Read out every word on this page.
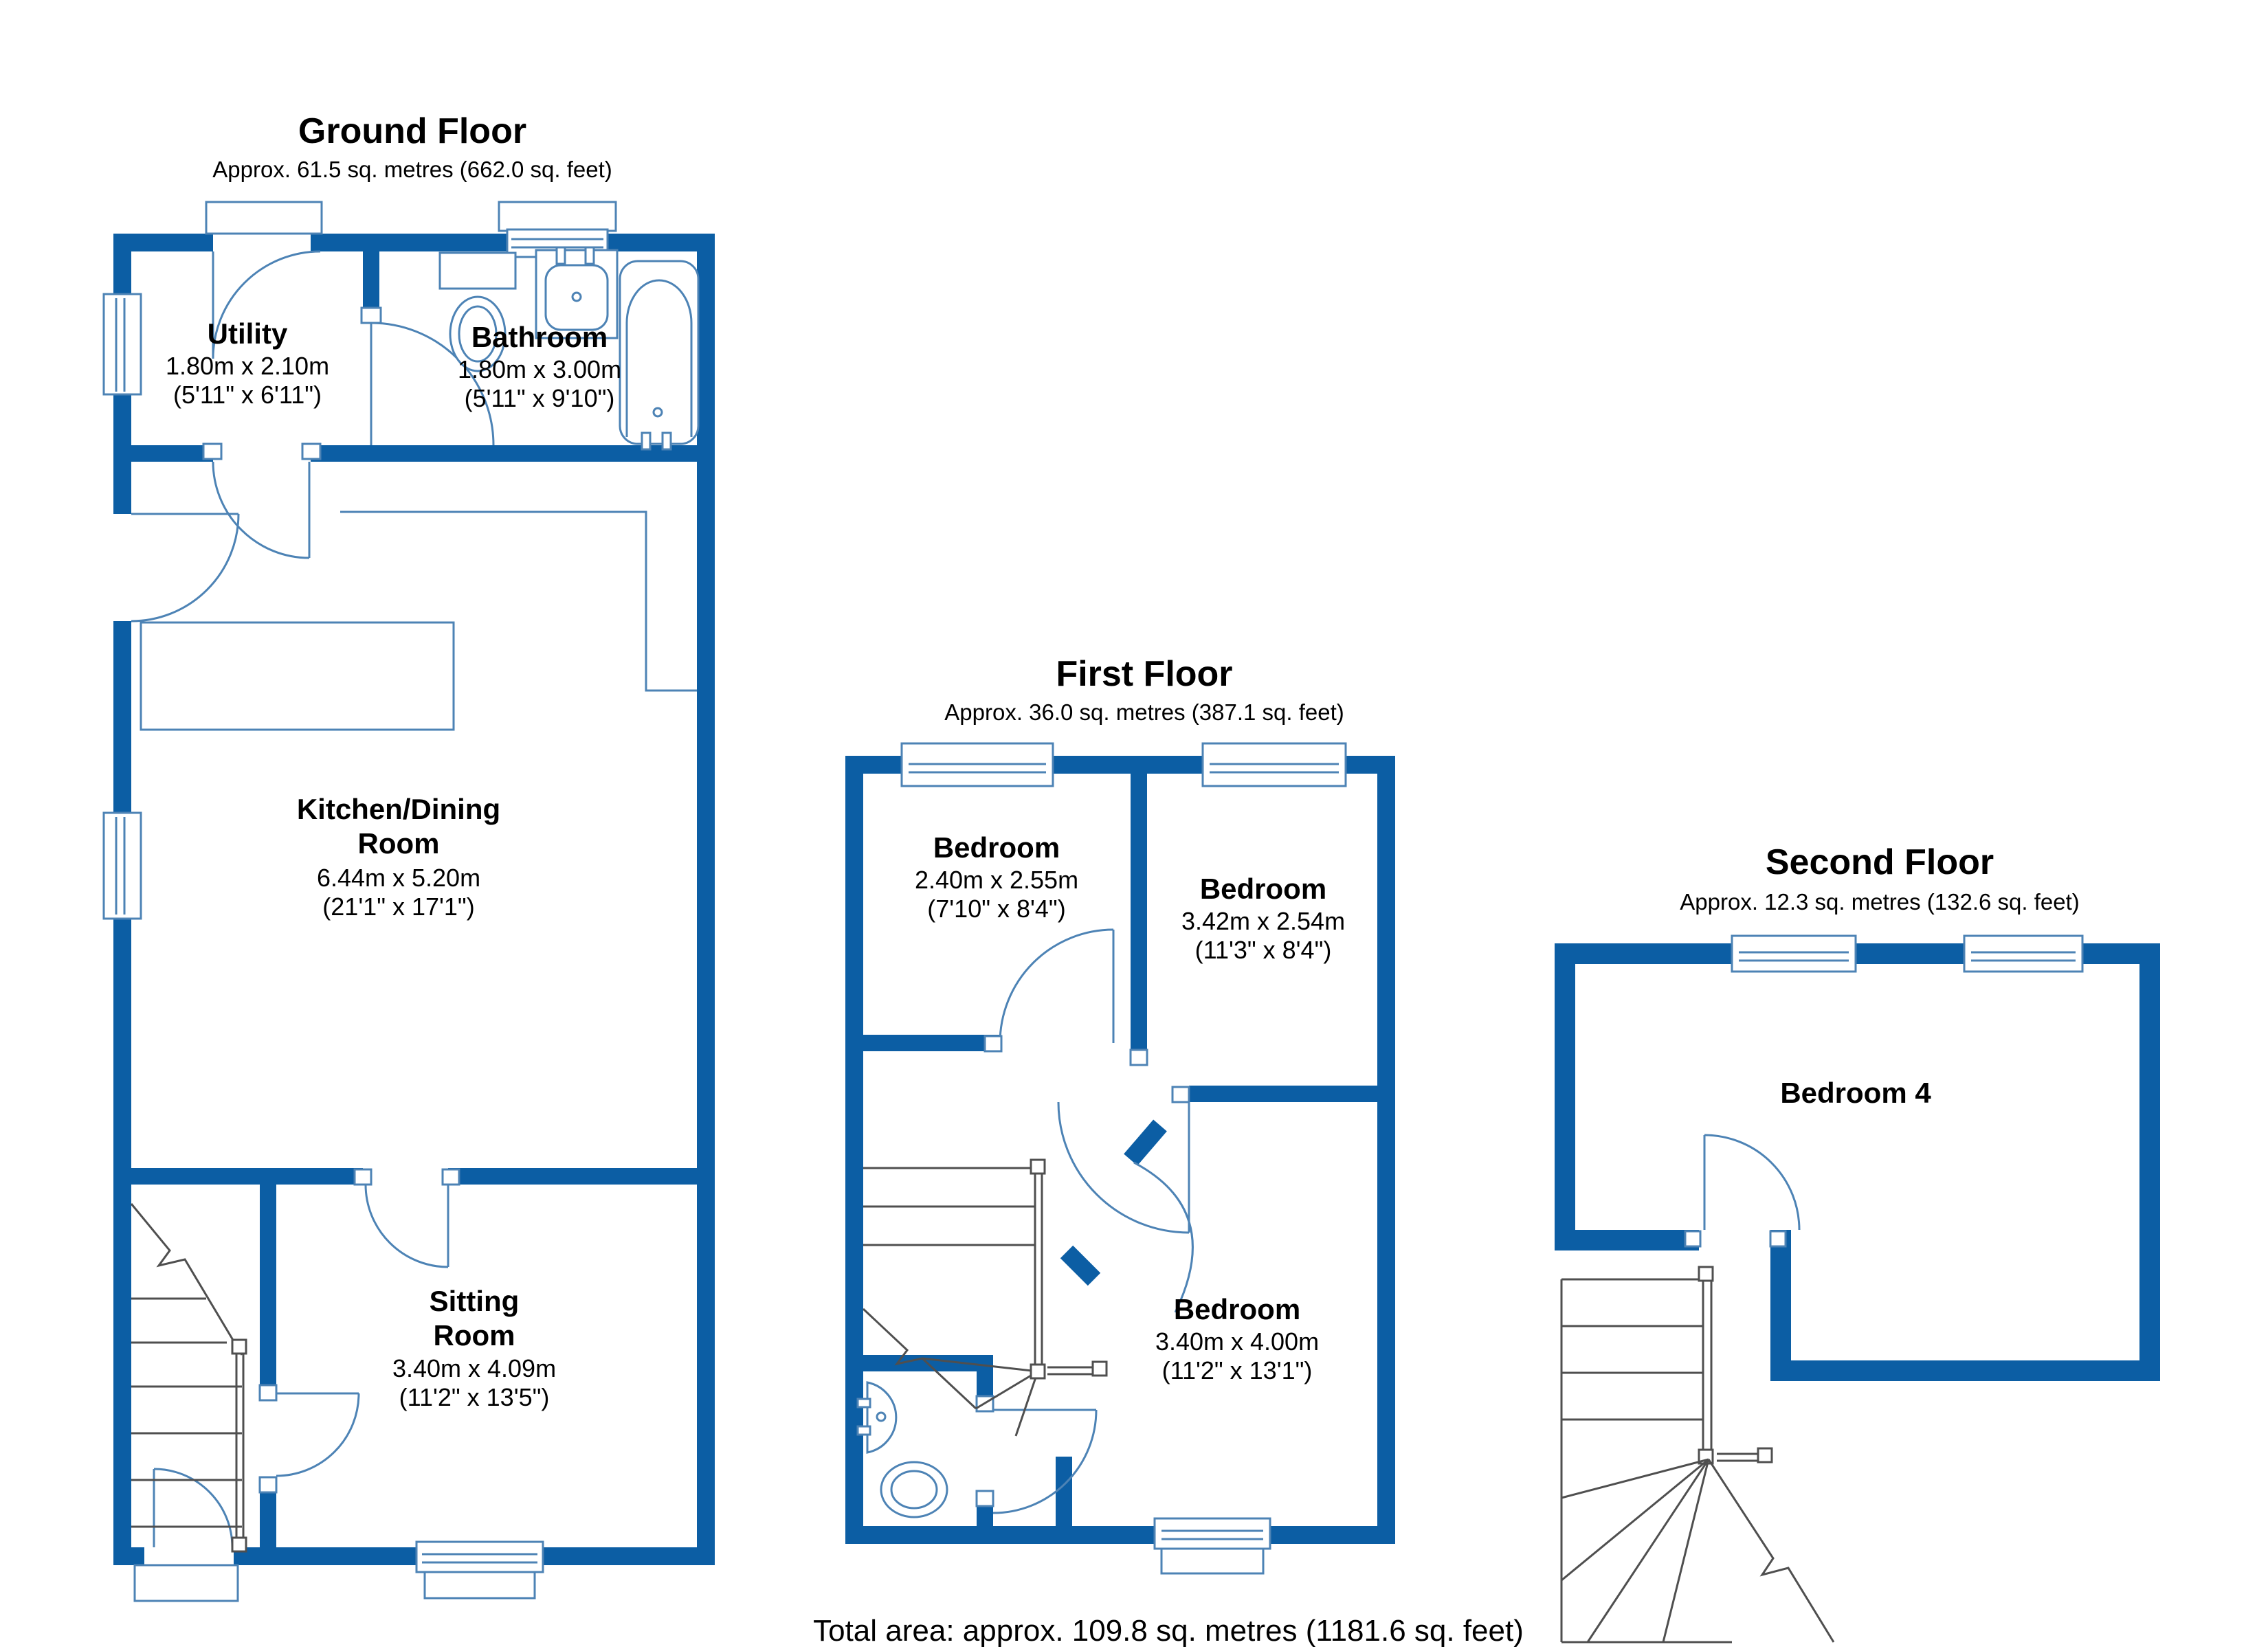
Ground Floor
Approx. 61.5 sq. metres (662.0 sq. feet)
Utility
1.80m x 2.10m
(5'11" x 6'11")
Bathroom
1.80m x 3.00m
(5'11" x 9'10")
Kitchen/Dining
Room
6.44m x 5.20m
(21'1" x 17'1")
Sitting
Room
3.40m x 4.09m
(11'2" x 13'5")
First Floor
Approx. 36.0 sq. metres (387.1 sq. feet)
Bedroom
2.40m x 2.55m
(7'10" x 8'4")
Bedroom
3.42m x 2.54m
(11'3" x 8'4")
Bedroom
3.40m x 4.00m
(11'2" x 13'1")
Second Floor
Approx. 12.3 sq. metres (132.6 sq. feet)
Bedroom 4
Total area: approx. 109.8 sq. metres (1181.6 sq. feet)
